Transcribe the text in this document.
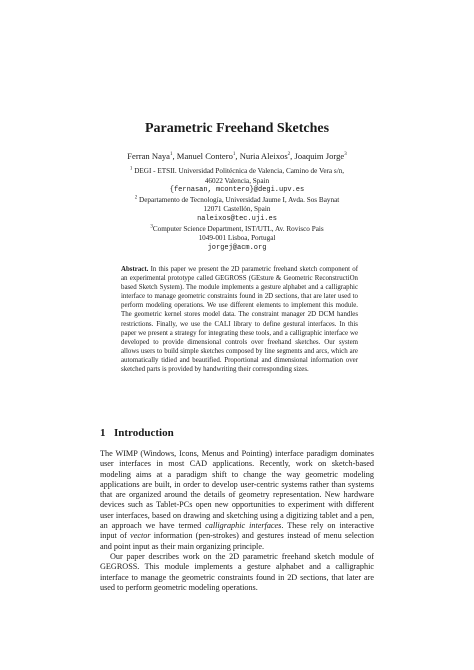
Parametric Freehand Sketches
Ferran Naya$^1$, Manuel Contero$^1$, Nuria Aleixos$^2$, Joaquim Jorge$^3$
$^1$ DEGI - ETSII. Universidad Politécnica de Valencia, Camino de Vera s/n,
46022 Valencia, Spain
{fernasan, mcontero}@degi.upv.es
$^2$ Departamento de Tecnología, Universidad Jaume I, Avda. Sos Baynat
12071 Castellón, Spain
naleixos@tec.uji.es
$^3$Computer Science Department, IST/UTL, Av. Rovisco Pais
1049-001 Lisboa, Portugal
jorgej@acm.org
Abstract. In this paper we present the 2D parametric freehand sketch component of an experimental prototype called GEGROSS (GEsture & Geometric ReconstructiOn based Sketch System). The module implements a gesture alphabet and a calligraphic interface to manage geometric constraints found in 2D sections, that are later used to perform modeling operations. We use different elements to implement this module. The geometric kernel stores model data. The constraint manager 2D DCM handles restrictions. Finally, we use the CALI library to define gestural interfaces. In this paper we present a strategy for integrating these tools, and a calligraphic interface we developed to provide dimensional controls over freehand sketches. Our system allows users to build simple sketches composed by line segments and arcs, which are automatically tidied and beautified. Proportional and dimensional information over sketched parts is provided by handwriting their corresponding sizes.
1 Introduction

The WIMP (Windows, Icons, Menus and Pointing) interface paradigm dominates user interfaces in most CAD applications. Recently, work on sketch-based modeling aims at a paradigm shift to change the way geometric modeling applications are built, in order to develop user-centric systems rather than systems that are organized around the details of geometry representation. New hardware devices such as Tablet-PCs open new opportunities to experiment with different user interfaces, based on drawing and sketching using a digitizing tablet and a pen, an approach we have termed calligraphic interfaces. These rely on interactive input of vector information (pen-strokes) and gestures instead of menu selection and point input as their main organizing principle.

Our paper describes work on the 2D parametric freehand sketch module of GEGROSS. This module implements a gesture alphabet and a calligraphic interface to manage the geometric constraints found in 2D sections, that later are used to perform geometric modeling operations.
